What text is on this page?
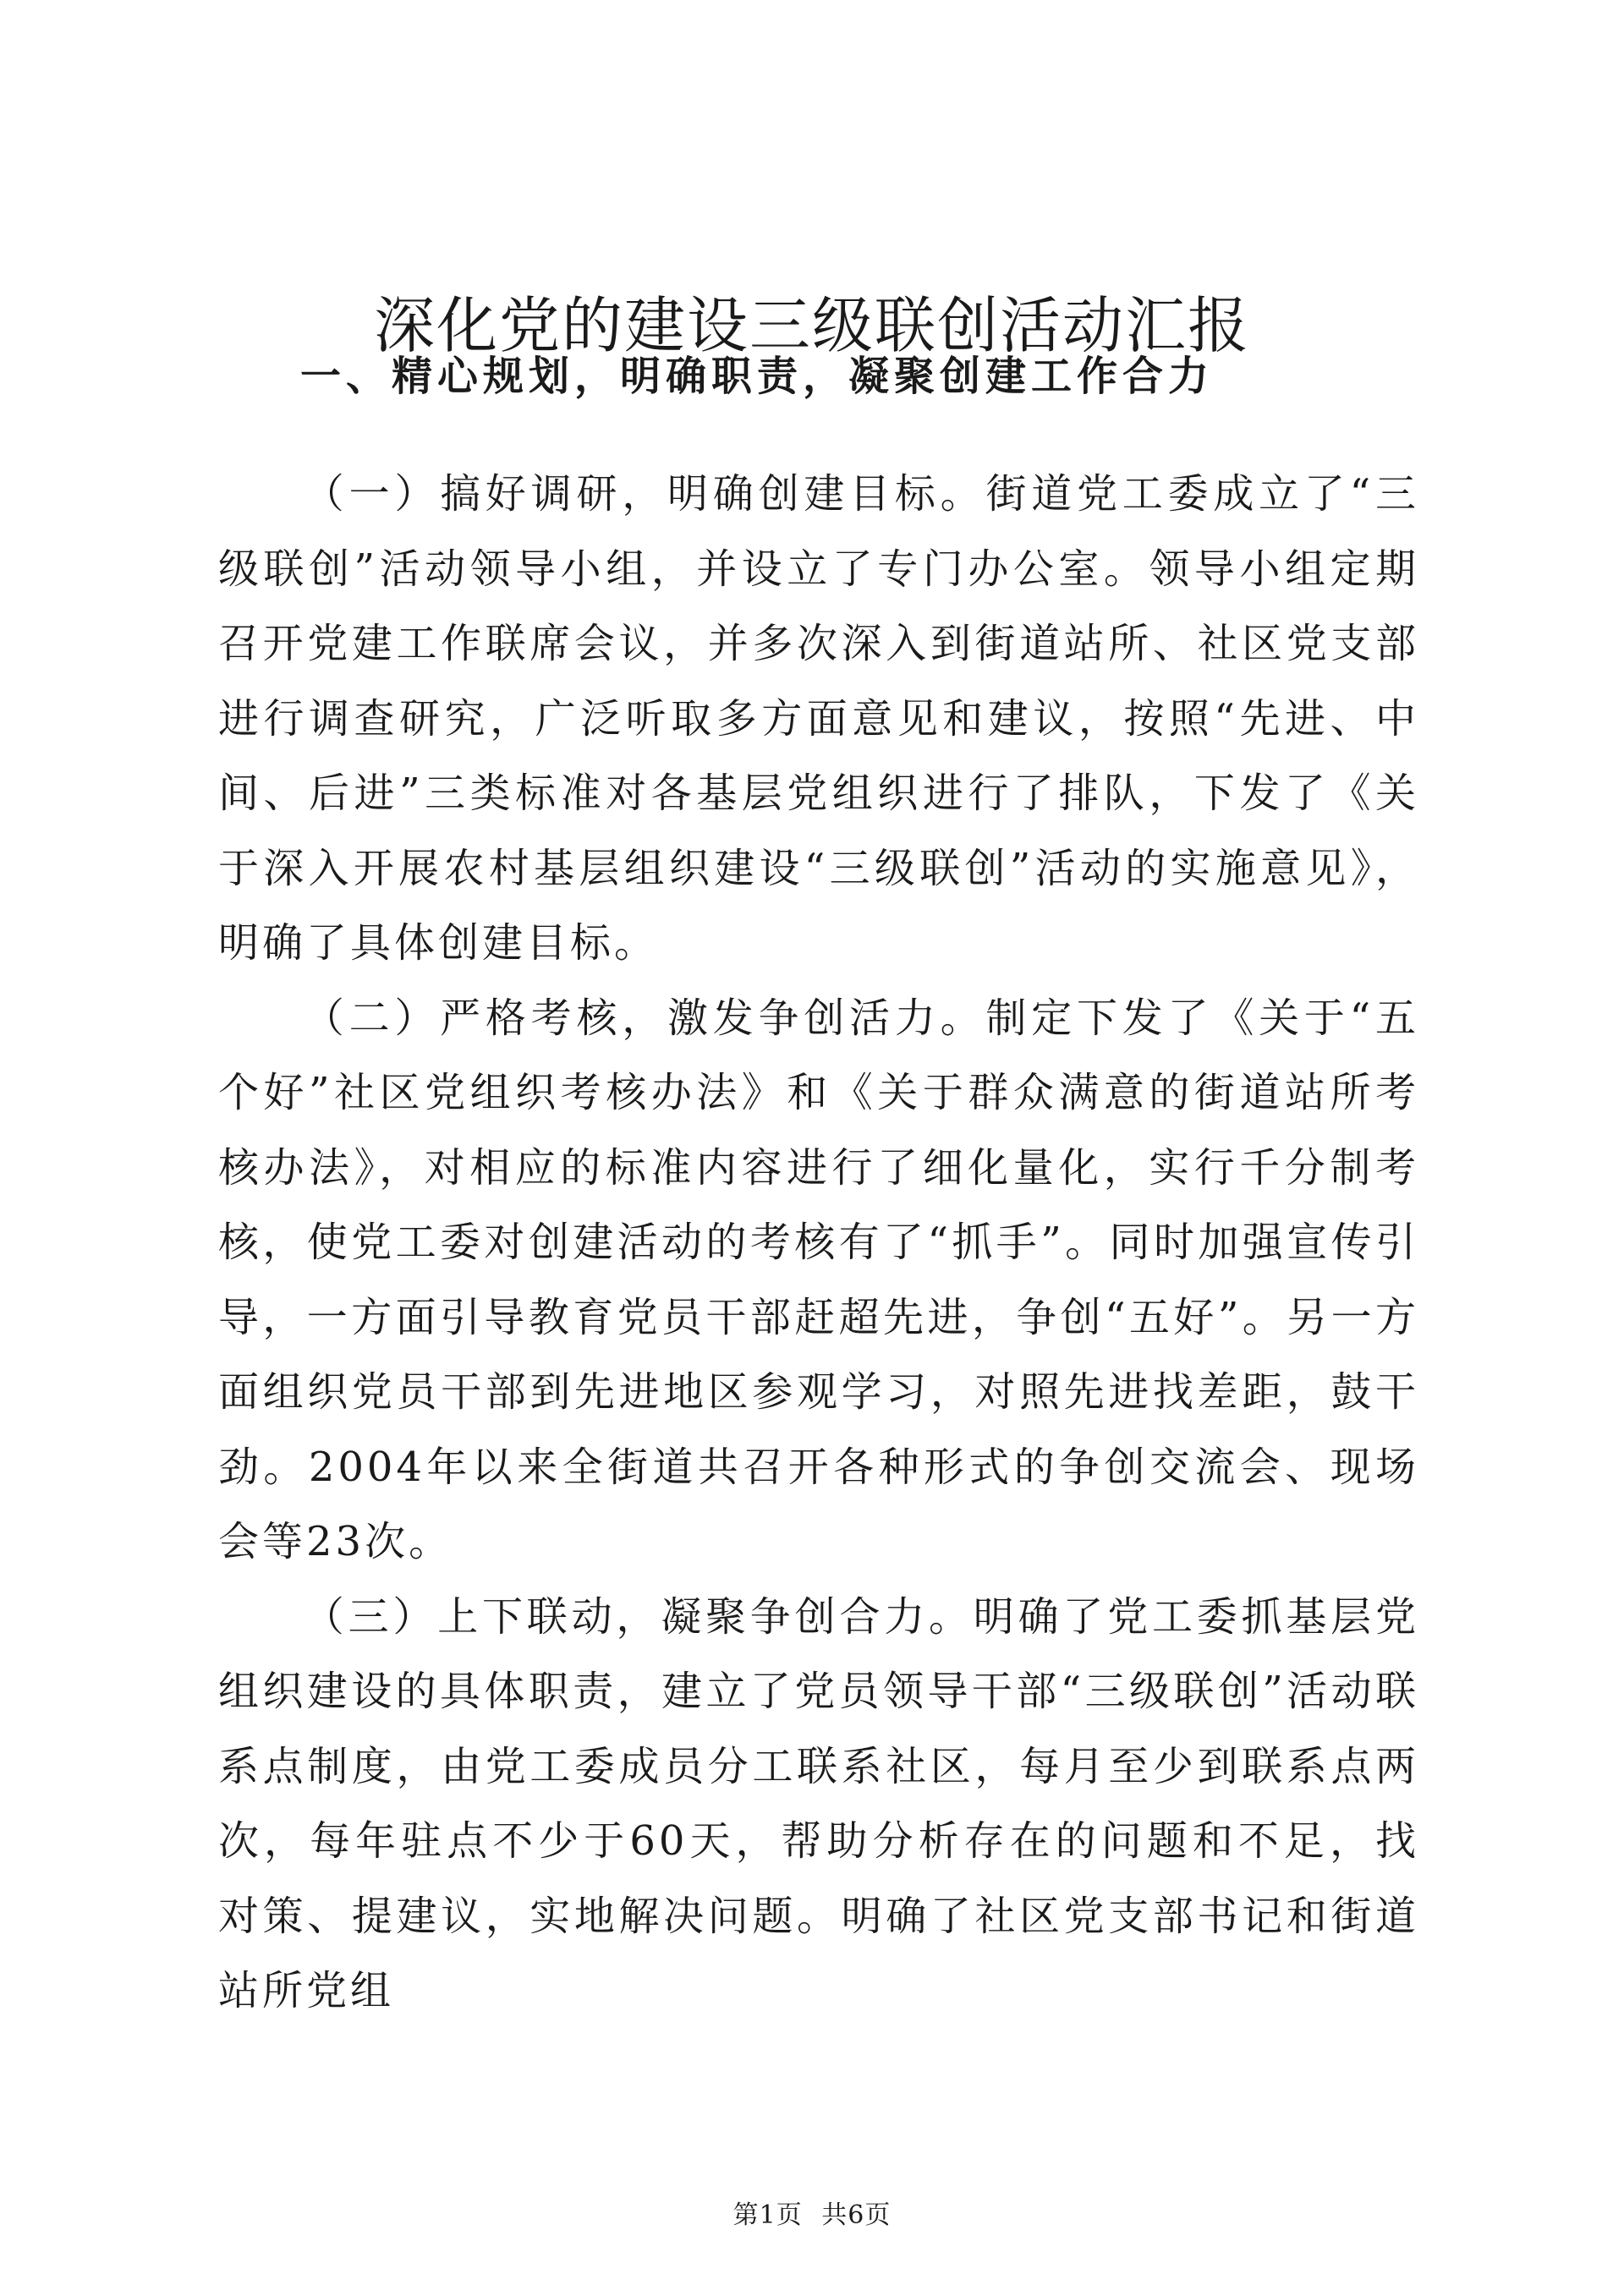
深化党的建设三级联创活动汇报
一、精心规划，明确职责，凝聚创建工作合力

（一）搞好调研，明确创建目标。街道党工委成立了“三级联创”活动领导小组，并设立了专门办公室。领导小组定期召开党建工作联席会议，并多次深入到街道站所、社区党支部进行调查研究，广泛听取多方面意见和建议，按照“先进、中间、后进”三类标准对各基层党组织进行了排队，下发了《关于深入开展农村基层组织建设“三级联创”活动的实施意见》，明确了具体创建目标。

（二）严格考核，激发争创活力。制定下发了《关于“五个好”社区党组织考核办法》和《关于群众满意的街道站所考核办法》，对相应的标准内容进行了细化量化，实行千分制考核，使党工委对创建活动的考核有了“抓手”。同时加强宣传引导，一方面引导教育党员干部赶超先进，争创“五好”。另一方面组织党员干部到先进地区参观学习，对照先进找差距，鼓干劲。2004年以来全街道共召开各种形式的争创交流会、现场会等23次。

（三）上下联动，凝聚争创合力。明确了党工委抓基层党组织建设的具体职责，建立了党员领导干部“三级联创”活动联系点制度，由党工委成员分工联系社区，每月至少到联系点两次，每年驻点不少于60天，帮助分析存在的问题和不足，找对策、提建议，实地解决问题。明确了社区党支部书记和街道站所党组

第1页 共6页
